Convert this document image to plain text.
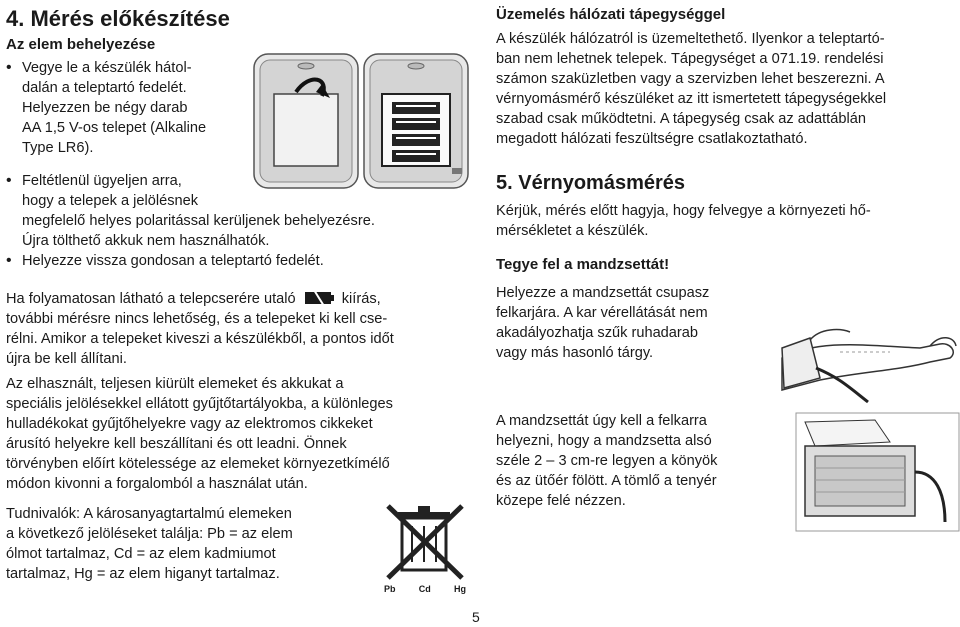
4. Mérés előkészítése
Az elem behelyezése
• Vegye le a készülék hátol-
dalán a teleptartó fedelét.
Helyezzen be négy darab
AA 1,5 V-os telepet (Alkaline
Type LR6).
• Feltétlenül ügyeljen arra,
hogy a telepek a jelölésnek
megfelelő helyes polaritással kerüljenek behelyezésre.
Újra tölthető akkuk nem használhatók.
• Helyezze vissza gondosan a teleptartó fedelét.
Ha folyamatosan látható a telepcserére utaló	kiírás,
további mérésre nincs lehetőség, és a telepeket ki kell cse-
rélni. Amikor a telepeket kiveszi a készülékből, a pontos időt
újra be kell állítani.
Az elhasznált, teljesen kiürült elemeket és akkukat a
speciális jelölésekkel ellátott gyűjtőtartályokba, a különleges
hulladékokat gyűjtőhelyekre vagy az elektromos cikkeket
árusító helyekre kell beszállítani és ott leadni. Önnek
törvényben előírt kötelessége az elemeket környezetkímélő
módon kivonni a forgalomból a használat után.
Tudnivalók: A károsanyagtartalmú elemeken
a következő jelöléseket találja: Pb = az elem
ólmot tartalmaz, Cd = az elem kadmiumot
tartalmaz, Hg = az elem higanyt tartalmaz.
Pb	Cd	Hg
Üzemelés hálózati tápegységgel
A készülék hálózatról is üzemeltethető. Ilyenkor a teleptartó-
ban nem lehetnek telepek. Tápegységet a 071.19. rendelési
számon szaküzletben vagy a szervizben lehet beszerezni. A
vérnyomásmérő készüléket az itt ismertetett tápegységekkel
szabad csak működtetni. A tápegység csak az adattáblán
megadott hálózati feszültségre csatlakoztatható.
5. Vérnyomásmérés
Kérjük, mérés előtt hagyja, hogy felvegye a környezeti hő-
mérsékletet a készülék.
Tegye fel a mandzsettát!
Helyezze a mandzsettát csupasz
felkarjára. A kar vérellátását nem
akadályozhatja szűk ruhadarab
vagy más hasonló tárgy.
A mandzsettát úgy kell a felkarra
helyezni, hogy a mandzsetta alsó
széle 2 – 3 cm-re legyen a könyök
és az ütőér fölött. A tömlő a tenyér
közepe felé nézzen.
5
